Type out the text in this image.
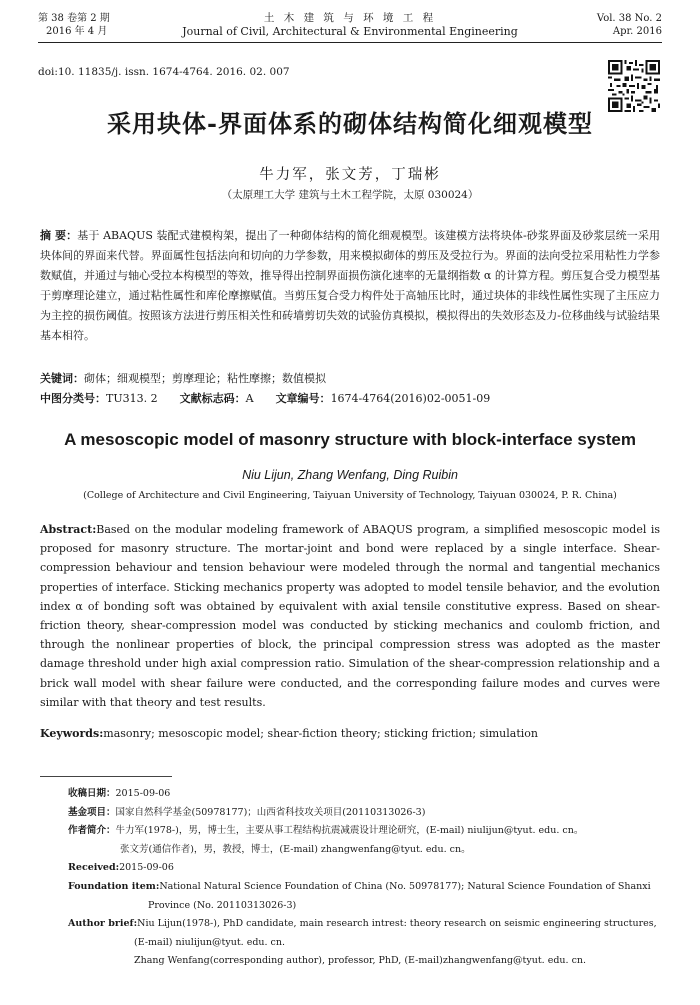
第 38 卷第 2 期
2016 年 4 月
土 木 建 筑 与 环 境 工 程
Journal of Civil, Architectural & Environmental Engineering
Vol. 38 No. 2
Apr. 2016
doi:10. 11835/j. issn. 1674-4764. 2016. 02. 007
采用块体-界面体系的砌体结构简化细观模型
牛力军，张文芳，丁瑞彬
（太原理工大学 建筑与土木工程学院，太原 030024）
摘 要：基于 ABAQUS 装配式建模构架，提出了一种砌体结构的简化细观模型。该建模方法将块体-砂浆界面及砂浆层统一采用块体间的界面来代替。界面属性包括法向和切向的力学参数，用来模拟砌体的剪压及受拉行为。界面的法向受拉采用粘性力学参数赋值，并通过与轴心受拉本构模型的等效，推导得出控制界面损伤演化速率的无量纲指数 α 的计算方程。剪压复合受力模型基于剪摩理论建立，通过粘性属性和库伦摩擦赋值。当剪压复合受力构件处于高轴压比时，通过块体的非线性属性实现了主压应力为主控的损伤阈值。按照该方法进行剪压相关性和砖墙剪切失效的试验仿真模拟，模拟得出的失效形态及力-位移曲线与试验结果基本相符。
关键词：砌体；细观模型；剪摩理论；粘性摩擦；数值模拟
中图分类号：TU313. 2 文献标志码：A 文章编号：1674-4764(2016)02-0051-09
A mesoscopic model of masonry structure with block-interface system
Niu Lijun, Zhang Wenfang, Ding Ruibin
(College of Architecture and Civil Engineering, Taiyuan University of Technology, Taiyuan 030024, P. R. China)
Abstract:Based on the modular modeling framework of ABAQUS program, a simplified mesoscopic model is proposed for masonry structure. The mortar-joint and bond were replaced by a single interface. Shear-compression behaviour and tension behaviour were modeled through the normal and tangential mechanics properties of interface. Sticking mechanics property was adopted to model tensile behavior, and the evolution index α of bonding soft was obtained by equivalent with axial tensile constitutive express. Based on shear-friction theory, shear-compression model was conducted by sticking mechanics and coulomb friction, and through the nonlinear properties of block, the principal compression stress was adopted as the master damage threshold under high axial compression ratio. Simulation of the shear-compression relationship and a brick wall model with shear failure were conducted, and the corresponding failure modes and curves were similar with that theory and test results.
Keywords:masonry; mesoscopic model; shear-fiction theory; sticking friction; simulation
收稿日期：2015-09-06
基金项目：国家自然科学基金(50978177)；山西省科技攻关项目(20110313026-3)
作者简介：牛力军(1978-)，男，博士生，主要从事工程结构抗震减震设计理论研究，(E-mail) niulijun@tyut. edu. cn。
张文芳(通信作者)，男，教授，博士，(E-mail) zhangwenfang@tyut. edu. cn。
Received:2015-09-06
Foundation item:National Natural Science Foundation of China (No. 50978177); Natural Science Foundation of Shanxi
Province (No. 20110313026-3)
Author brief:Niu Lijun(1978-), PhD candidate, main research intrest: theory research on seismic engineering structures,
(E-mail) niulijun@tyut. edu. cn.
Zhang Wenfang(corresponding author), professor, PhD, (E-mail)zhangwenfang@tyut. edu. cn.
